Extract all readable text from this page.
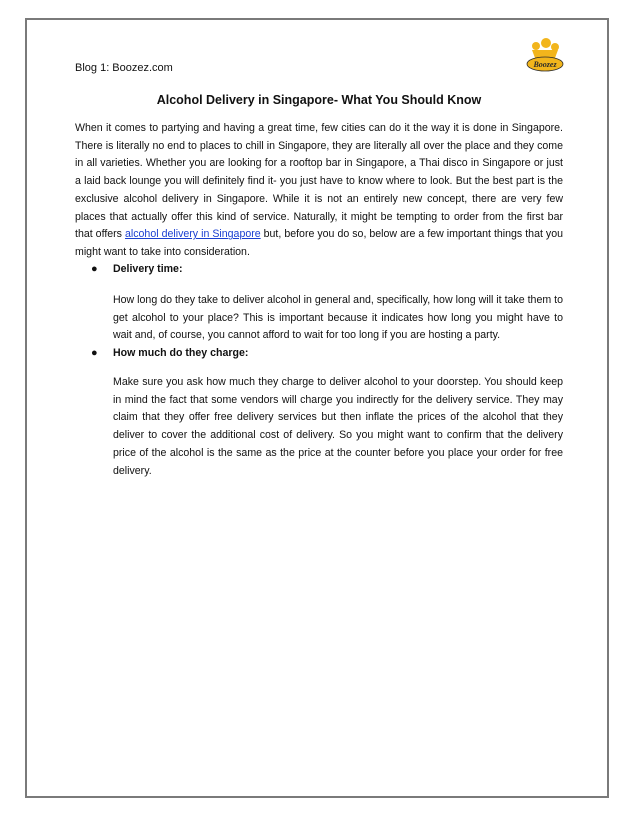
Blog 1: Boozez.com	Boozez
Alcohol Delivery in Singapore- What You Should Know

When it comes to partying and having a great time, few cities can do it the way it is done in Singapore. There is literally no end to places to chill in Singapore, they are literally all over the place and they come in all varieties. Whether you are looking for a rooftop bar in Singapore, a Thai disco in Singapore or just a laid back lounge you will definitely find it- you just have to know where to look. But the best part is the exclusive alcohol delivery in Singapore. While it is not an entirely new concept, there are very few places that actually offer this kind of service. Naturally, it might be tempting to order from the first bar that offers alcohol delivery in Singapore but, before you do so, below are a few important things that you might want to take into consideration.

●	Delivery time:

How long do they take to deliver alcohol in general and, specifically, how long will it take them to get alcohol to your place? This is important because it indicates how long you might have to wait and, of course, you cannot afford to wait for too long if you are hosting a party.

●	How much do they charge:

Make sure you ask how much they charge to deliver alcohol to your doorstep. You should keep in mind the fact that some vendors will charge you indirectly for the delivery service. They may claim that they offer free delivery services but then inflate the prices of the alcohol that they deliver to cover the additional cost of delivery. So you might want to confirm that the delivery price of the alcohol is the same as the price at the counter before you place your order for free delivery.
